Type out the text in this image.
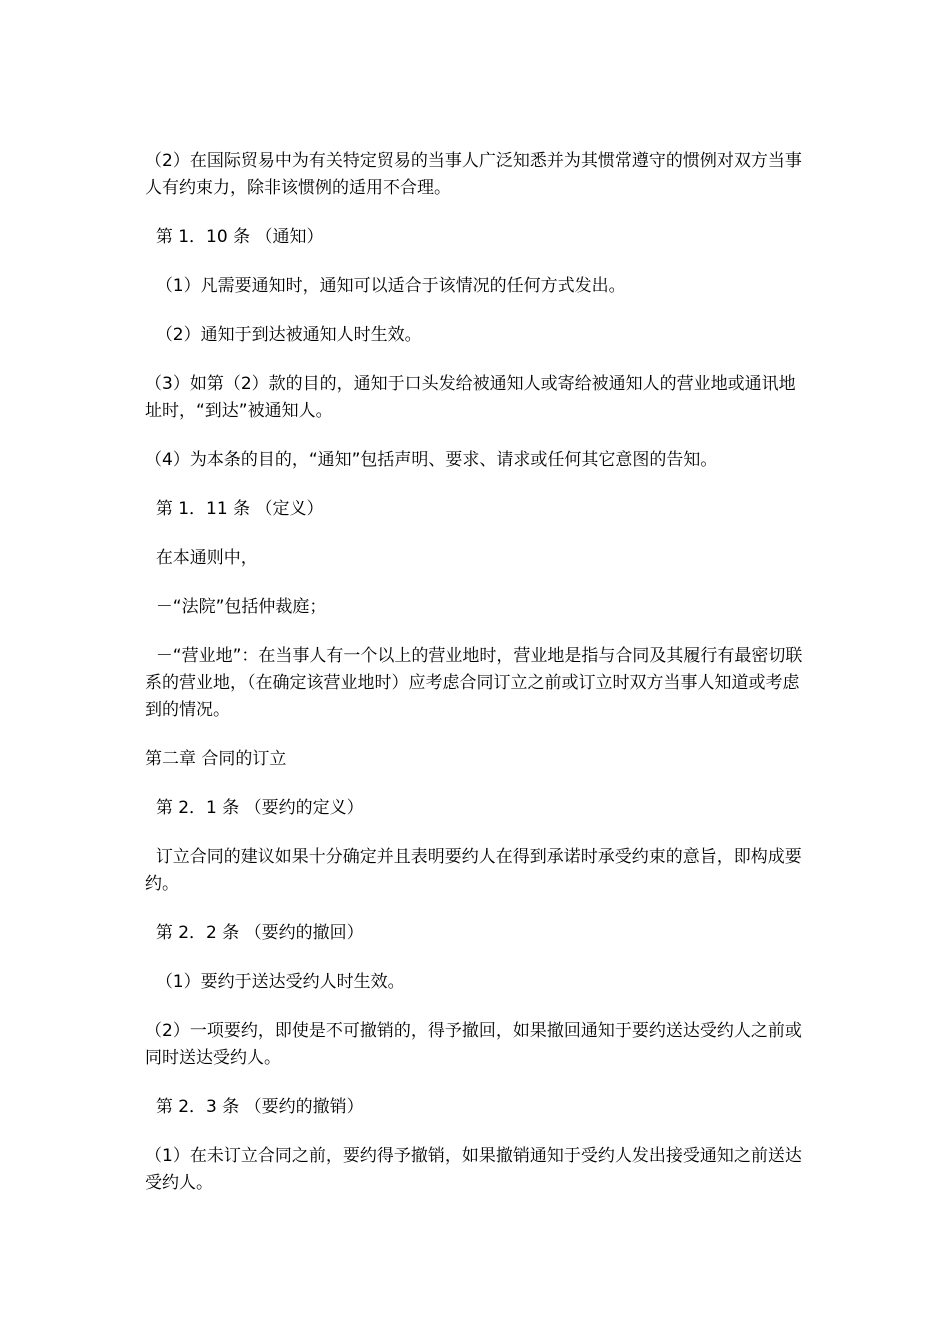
（2）在国际贸易中为有关特定贸易的当事人广泛知悉并为其惯常遵守的惯例对双方当事人有约束力，除非该惯例的适用不合理。

第 1．10 条 （通知）

（1）凡需要通知时，通知可以适合于该情况的任何方式发出。

（2）通知于到达被通知人时生效。

（3）如第（2）款的目的，通知于口头发给被通知人或寄给被通知人的营业地或通讯地址时，“到达”被通知人。

（4）为本条的目的，“通知”包括声明、要求、请求或任何其它意图的告知。

第 1．11 条 （定义）

在本通则中，

－“法院”包括仲裁庭；

－“营业地”：在当事人有一个以上的营业地时，营业地是指与合同及其履行有最密切联系的营业地，（在确定该营业地时）应考虑合同订立之前或订立时双方当事人知道或考虑到的情况。

第二章 合同的订立

第 2．1 条 （要约的定义）

订立合同的建议如果十分确定并且表明要约人在得到承诺时承受约束的意旨，即构成要约。

第 2．2 条 （要约的撤回）

（1）要约于送达受约人时生效。

（2）一项要约，即使是不可撤销的，得予撤回，如果撤回通知于要约送达受约人之前或同时送达受约人。

第 2．3 条 （要约的撤销）

（1）在未订立合同之前，要约得予撤销，如果撤销通知于受约人发出接受通知之前送达受约人。
